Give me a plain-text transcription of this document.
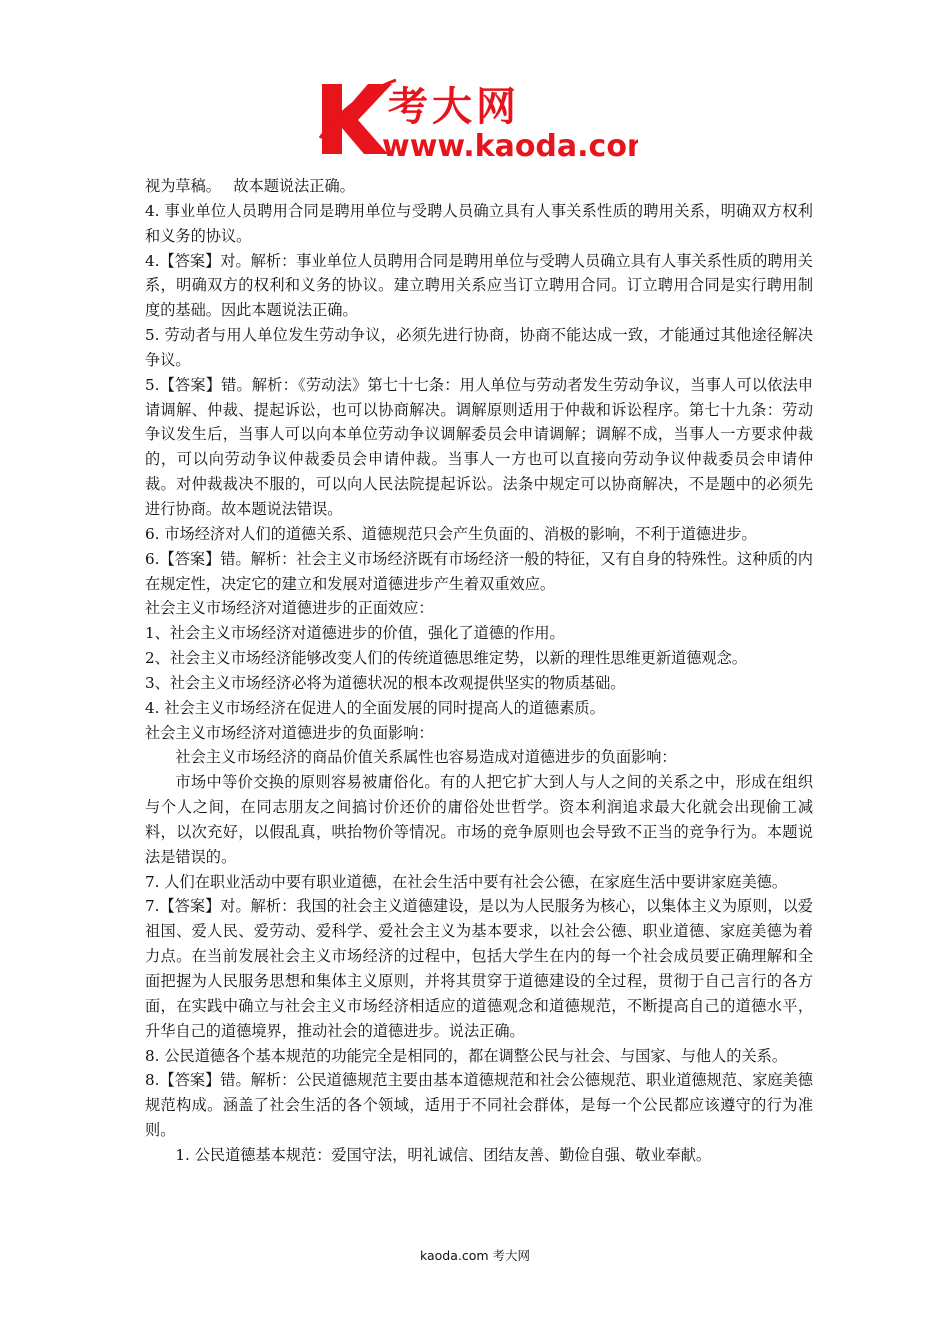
考大网
www.kaoda.com

视为草稿。　 故本题说法正确。

4. 事业单位人员聘用合同是聘用单位与受聘人员确立具有人事关系性质的聘用关系，明确双方权利和义务的协议。

4.【答案】对。解析：事业单位人员聘用合同是聘用单位与受聘人员确立具有人事关系性质的聘用关系，明确双方的权利和义务的协议。建立聘用关系应当订立聘用合同。订立聘用合同是实行聘用制度的基础。因此本题说法正确。

5. 劳动者与用人单位发生劳动争议，必须先进行协商，协商不能达成一致，才能通过其他途径解决争议。

5.【答案】错。解析：《劳动法》第七十七条：用人单位与劳动者发生劳动争议，当事人可以依法申请调解、仲裁、提起诉讼，也可以协商解决。调解原则适用于仲裁和诉讼程序。第七十九条：劳动争议发生后，当事人可以向本单位劳动争议调解委员会申请调解；调解不成，当事人一方要求仲裁的，可以向劳动争议仲裁委员会申请仲裁。当事人一方也可以直接向劳动争议仲裁委员会申请仲裁。对仲裁裁决不服的，可以向人民法院提起诉讼。法条中规定可以协商解决，不是题中的必须先进行协商。故本题说法错误。

6. 市场经济对人们的道德关系、道德规范只会产生负面的、消极的影响，不利于道德进步。

6.【答案】错。解析：社会主义市场经济既有市场经济一般的特征，又有自身的特殊性。这种质的内在规定性，决定它的建立和发展对道德进步产生着双重效应。

社会主义市场经济对道德进步的正面效应：

1、社会主义市场经济对道德进步的价值，强化了道德的作用。

2、社会主义市场经济能够改变人们的传统道德思维定势，以新的理性思维更新道德观念。

3、社会主义市场经济必将为道德状况的根本改观提供坚实的物质基础。

4. 社会主义市场经济在促进人的全面发展的同时提高人的道德素质。

社会主义市场经济对道德进步的负面影响：

社会主义市场经济的商品价值关系属性也容易造成对道德进步的负面影响：

市场中等价交换的原则容易被庸俗化。有的人把它扩大到人与人之间的关系之中，形成在组织与个人之间，在同志朋友之间搞讨价还价的庸俗处世哲学。资本利润追求最大化就会出现偷工减料，以次充好，以假乱真，哄抬物价等情况。市场的竞争原则也会导致不正当的竞争行为。本题说法是错误的。

7. 人们在职业活动中要有职业道德，在社会生活中要有社会公德，在家庭生活中要讲家庭美德。

7.【答案】对。解析：我国的社会主义道德建设，是以为人民服务为核心，以集体主义为原则，以爱祖国、爱人民、爱劳动、爱科学、爱社会主义为基本要求，以社会公德、职业道德、家庭美德为着力点。在当前发展社会主义市场经济的过程中，包括大学生在内的每一个社会成员要正确理解和全面把握为人民服务思想和集体主义原则，并将其贯穿于道德建设的全过程，贯彻于自己言行的各方面，在实践中确立与社会主义市场经济相适应的道德观念和道德规范，不断提高自己的道德水平，升华自己的道德境界，推动社会的道德进步。说法正确。

8. 公民道德各个基本规范的功能完全是相同的，都在调整公民与社会、与国家、与他人的关系。

8.【答案】错。解析：公民道德规范主要由基本道德规范和社会公德规范、职业道德规范、家庭美德规范构成。涵盖了社会生活的各个领域，适用于不同社会群体，是每一个公民都应该遵守的行为准则。

1. 公民道德基本规范：爱国守法，明礼诚信、团结友善、勤俭自强、敬业奉献。

kaoda.com 考大网
